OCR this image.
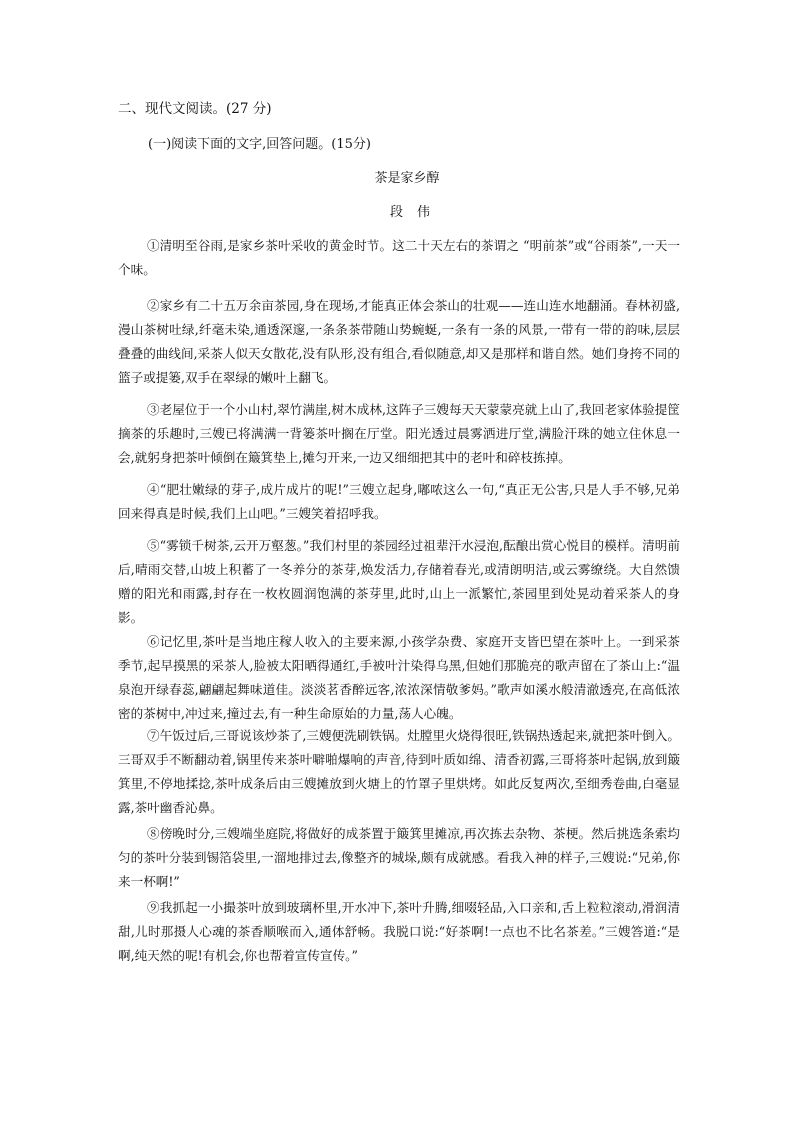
二、现代文阅读。(27 分)
(一)阅读下面的文字,回答问题。(15分)
茶是家乡醇
段伟

①清明至谷雨,是家乡茶叶采收的黄金时节。这二十天左右的茶谓之 “明前茶”或“谷雨茶”,一天一个味。

②家乡有二十五万余亩茶园,身在现场,才能真正体会茶山的壮观——连山连水地翻涌。春林初盛,漫山茶树吐绿,纤毫未染,通透深邃,一条条茶带随山势蜿蜒,一条有一条的风景,一带有一带的韵味,层层叠叠的曲线间,采茶人似天女散花,没有队形,没有组合,看似随意,却又是那样和谐自然。她们身挎不同的篮子或提篓,双手在翠绿的嫩叶上翻飞。

③老屋位于一个小山村,翠竹满崖,树木成林,这阵子三嫂每天天蒙蒙亮就上山了,我回老家体验提筐摘茶的乐趣时,三嫂已将满满一背篓茶叶搁在厅堂。阳光透过晨雾洒进厅堂,满脸汗珠的她立住休息一会,就躬身把茶叶倾倒在簸箕垫上,摊匀开来,一边又细细把其中的老叶和碎枝拣掉。

④“肥壮嫩绿的芽子,成片成片的呢!”三嫂立起身,嘟哝这么一句,“真正无公害,只是人手不够,兄弟回来得真是时候,我们上山吧。”三嫂笑着招呼我。

⑤“雾锁千树茶,云开万壑葱。”我们村里的茶园经过祖辈汗水浸泡,酝酿出赏心悦目的模样。清明前后,晴雨交替,山坡上积蓄了一冬养分的茶芽,焕发活力,存储着春光,或清朗明洁,或云雾缭绕。大自然馈赠的阳光和雨露,封存在一枚枚圆润饱满的茶芽里,此时,山上一派繁忙,茶园里到处晃动着采茶人的身影。

⑥记忆里,茶叶是当地庄稼人收入的主要来源,小孩学杂费、家庭开支皆巴望在茶叶上。一到采茶季节,起早摸黑的采茶人,脸被太阳晒得通红,手被叶汁染得乌黑,但她们那脆亮的歌声留在了茶山上:“温泉泡开绿春蕊,翩翩起舞味道佳。淡淡茗香醉远客,浓浓深情敬爹妈。”歌声如溪水般清澈透亮,在高低浓密的茶树中,冲过来,撞过去,有一种生命原始的力量,荡人心魄。

⑦午饭过后,三哥说该炒茶了,三嫂便洗刷铁锅。灶膛里火烧得很旺,铁锅热透起来,就把茶叶倒入。三哥双手不断翻动着,锅里传来茶叶噼啪爆响的声音,待到叶质如绵、清香初露,三哥将茶叶起锅,放到簸箕里,不停地揉捻,茶叶成条后由三嫂摊放到火塘上的竹罩子里烘烤。如此反复两次,至细秀卷曲,白毫显露,茶叶幽香沁鼻。

⑧傍晚时分,三嫂端坐庭院,将做好的成茶置于簸箕里摊凉,再次拣去杂物、茶梗。然后挑选条索均匀的茶叶分装到锡箔袋里,一溜地排过去,像整齐的城垛,颇有成就感。看我入神的样子,三嫂说:“兄弟,你来一杯啊!”

⑨我抓起一小撮茶叶放到玻璃杯里,开水冲下,茶叶升腾,细啜轻品,入口亲和,舌上粒粒滚动,滑润清甜,儿时那摄人心魂的茶香顺喉而入,通体舒畅。我脱口说:“好茶啊!一点也不比名茶差。”三嫂答道:“是啊,纯天然的呢!有机会,你也帮着宣传宣传。”
